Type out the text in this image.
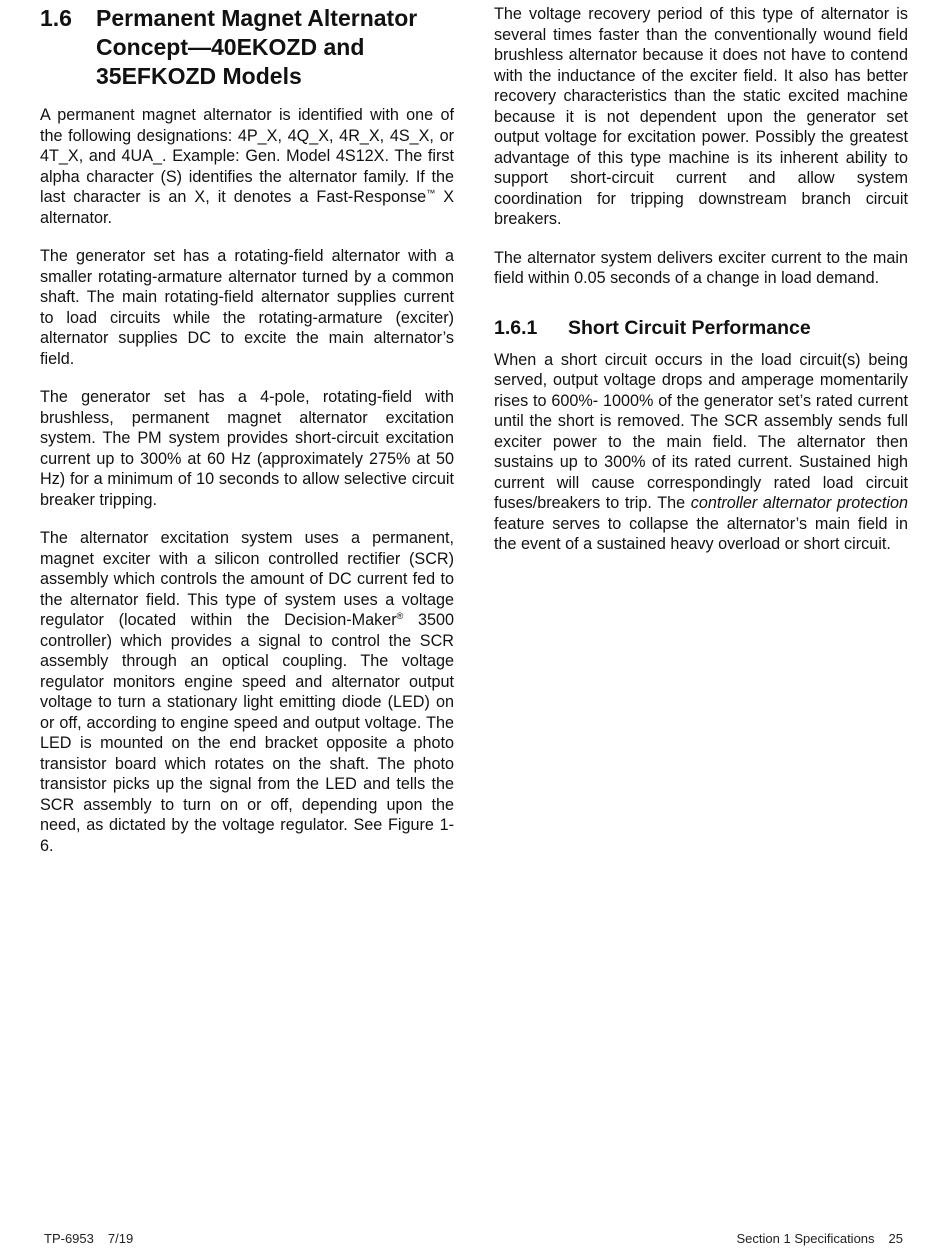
1.6	Permanent Magnet Alternator Concept—40EKOZD and 35EFKOZD Models

A permanent magnet alternator is identified with one of the following designations: 4P_X, 4Q_X, 4R_X, 4S_X, or 4T_X, and 4UA_. Example: Gen. Model 4S12X. The first alpha character (S) identifies the alternator family. If the last character is an X, it denotes a Fast-Response™ X alternator.

The generator set has a rotating-field alternator with a smaller rotating-armature alternator turned by a common shaft. The main rotating-field alternator supplies current to load circuits while the rotating-armature (exciter) alternator supplies DC to excite the main alternator’s field.

The generator set has a 4-pole, rotating-field with brushless, permanent magnet alternator excitation system. The PM system provides short-circuit excitation current up to 300% at 60 Hz (approximately 275% at 50 Hz) for a minimum of 10 seconds to allow selective circuit breaker tripping.

The alternator excitation system uses a permanent, magnet exciter with a silicon controlled rectifier (SCR) assembly which controls the amount of DC current fed to the alternator field. This type of system uses a voltage regulator (located within the Decision-Maker® 3500 controller) which provides a signal to control the SCR assembly through an optical coupling. The voltage regulator monitors engine speed and alternator output voltage to turn a stationary light emitting diode (LED) on or off, according to engine speed and output voltage. The LED is mounted on the end bracket opposite a photo transistor board which rotates on the shaft. The photo transistor picks up the signal from the LED and tells the SCR assembly to turn on or off, depending upon the need, as dictated by the voltage regulator. See Figure 1-6.

The voltage recovery period of this type of alternator is several times faster than the conventionally wound field brushless alternator because it does not have to contend with the inductance of the exciter field. It also has better recovery characteristics than the static excited machine because it is not dependent upon the generator set output voltage for excitation power. Possibly the greatest advantage of this type machine is its inherent ability to support short-circuit current and allow system coordination for tripping downstream branch circuit breakers.

The alternator system delivers exciter current to the main field within 0.05 seconds of a change in load demand.

1.6.1	Short Circuit Performance

When a short circuit occurs in the load circuit(s) being served, output voltage drops and amperage momentarily rises to 600%- 1000% of the generator set’s rated current until the short is removed. The SCR assembly sends full exciter power to the main field. The alternator then sustains up to 300% of its rated current. Sustained high current will cause correspondingly rated load circuit fuses/breakers to trip. The controller alternator protection feature serves to collapse the alternator’s main field in the event of a sustained heavy overload or short circuit.

TP-6953 7/19	Section 1 Specifications 25
